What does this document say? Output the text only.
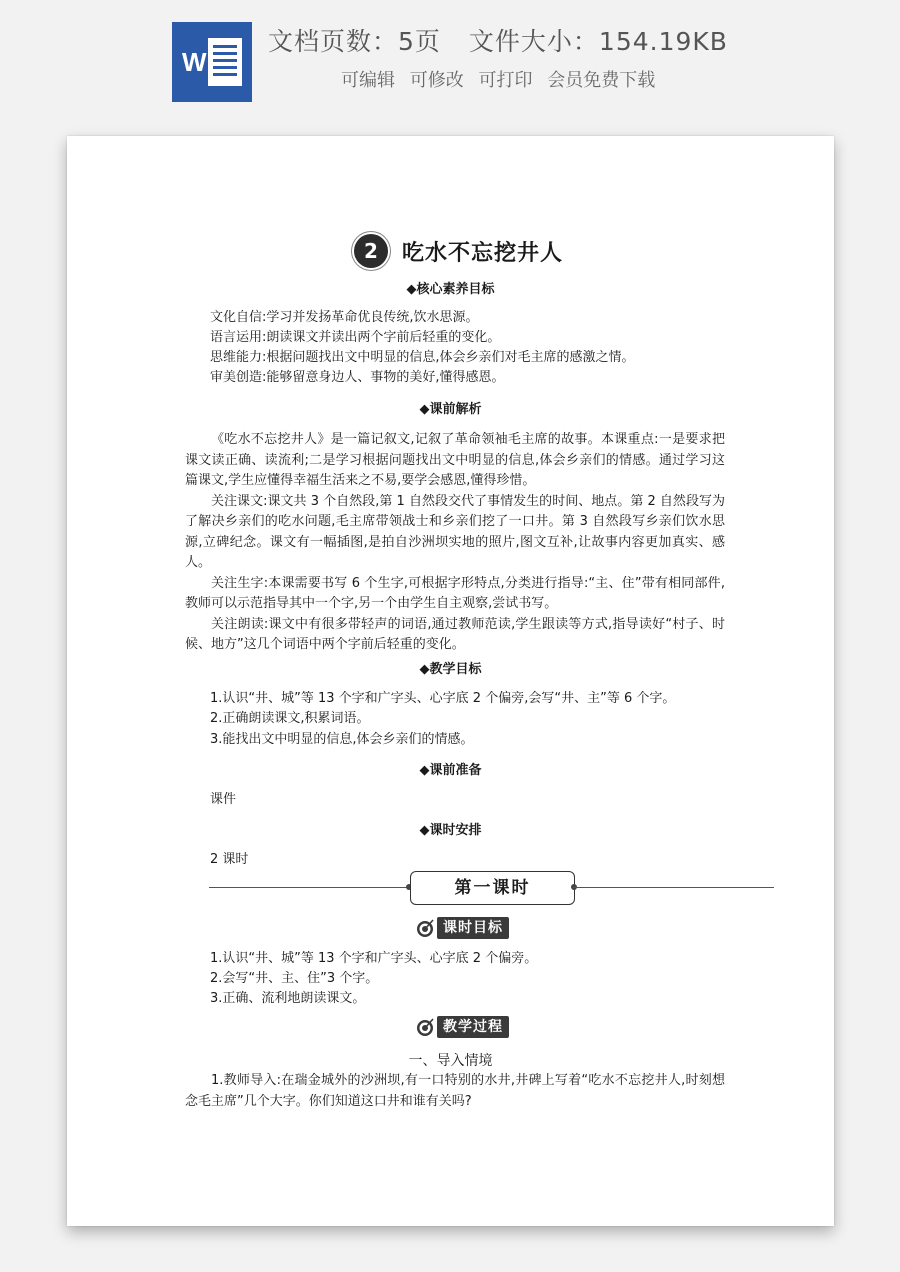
W
文档页数：5页 文件大小：154.19KB
可编辑 可修改 可打印 会员免费下载
2	吃水不忘挖井人
◆核心素养目标
文化自信:学习并发扬革命优良传统,饮水思源。
语言运用:朗读课文并读出两个字前后轻重的变化。
思维能力:根据问题找出文中明显的信息,体会乡亲们对毛主席的感激之情。
审美创造:能够留意身边人、事物的美好,懂得感恩。
◆课前解析

《吃水不忘挖井人》是一篇记叙文,记叙了革命领袖毛主席的故事。本课重点:一是要求把课文读正确、读流利;二是学习根据问题找出文中明显的信息,体会乡亲们的情感。通过学习这篇课文,学生应懂得幸福生活来之不易,要学会感恩,懂得珍惜。

关注课文:课文共 3 个自然段,第 1 自然段交代了事情发生的时间、地点。第 2 自然段写为了解决乡亲们的吃水问题,毛主席带领战士和乡亲们挖了一口井。第 3 自然段写乡亲们饮水思源,立碑纪念。课文有一幅插图,是拍自沙洲坝实地的照片,图文互补,让故事内容更加真实、感人。

关注生字:本课需要书写 6 个生字,可根据字形特点,分类进行指导:“主、住”带有相同部件,教师可以示范指导其中一个字,另一个由学生自主观察,尝试书写。

关注朗读:课文中有很多带轻声的词语,通过教师范读,学生跟读等方式,指导读好“村子、时候、地方”这几个词语中两个字前后轻重的变化。

◆教学目标
1.认识“井、城”等 13 个字和广字头、心字底 2 个偏旁,会写“井、主”等 6 个字。
2.正确朗读课文,积累词语。
3.能找出文中明显的信息,体会乡亲们的情感。
◆课前准备
课件
◆课时安排
2 课时
第一课时
课时目标
1.认识“井、城”等 13 个字和广字头、心字底 2 个偏旁。
2.会写“井、主、住”3 个字。
3.正确、流利地朗读课文。
教学过程
一、导入情境

1.教师导入:在瑞金城外的沙洲坝,有一口特别的水井,井碑上写着“吃水不忘挖井人,时刻想念毛主席”几个大字。你们知道这口井和谁有关吗?
